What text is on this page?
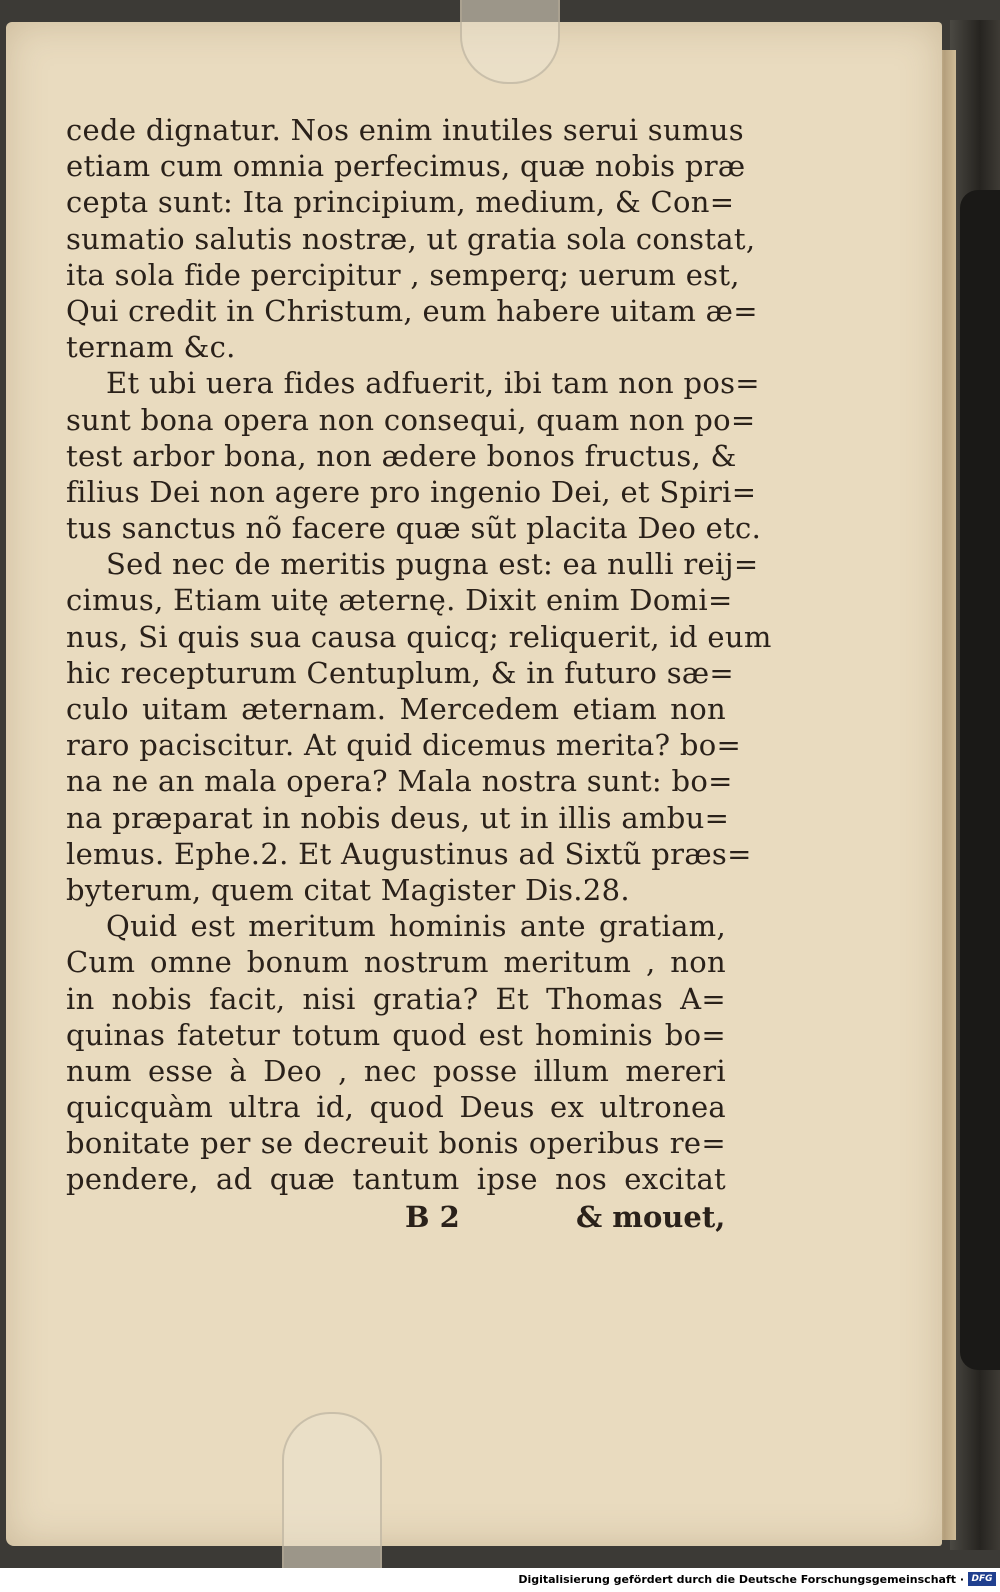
cede dignatur. Nos enim inutiles serui sumus
etiam cum omnia perfecimus, quæ nobis præ
cepta sunt: Ita principium, medium, & Con=
sumatio salutis nostræ, ut gratia sola constat,
ita sola fide percipitur , semperq; uerum est,
Qui credit in Christum, eum habere uitam æ=
ternam &c.
Et ubi uera fides adfuerit, ibi tam non pos=
sunt bona opera non consequi, quam non po=
test arbor bona, non ædere bonos fructus, &
filius Dei non agere pro ingenio Dei, et Spiri=
tus sanctus nõ facere quæ sũt placita Deo etc.
Sed nec de meritis pugna est: ea nulli reij=
cimus, Etiam uitę æternę. Dixit enim Domi=
nus, Si quis sua causa quicq; reliquerit, id eum
hic recepturum Centuplum, & in futuro sæ=
culo uitam æternam. Mercedem etiam non
raro paciscitur. At quid dicemus merita? bo=
na ne an mala opera? Mala nostra sunt: bo=
na præparat in nobis deus, ut in illis ambu=
lemus. Ephe.2. Et Augustinus ad Sixtũ præs=
byterum, quem citat Magister Dis.28.
Quid est meritum hominis ante gratiam,
Cum omne bonum nostrum meritum , non
in nobis facit, nisi gratia? Et Thomas A=
quinas fatetur totum quod est hominis bo=
num esse à Deo , nec posse illum mereri
quicquàm ultra id, quod Deus ex ultronea
bonitate per se decreuit bonis operibus re=
pendere, ad quæ tantum ipse nos excitat
B 2	& mouet,
Digitalisierung gefördert durch die Deutsche Forschungsgemeinschaft · DFG
